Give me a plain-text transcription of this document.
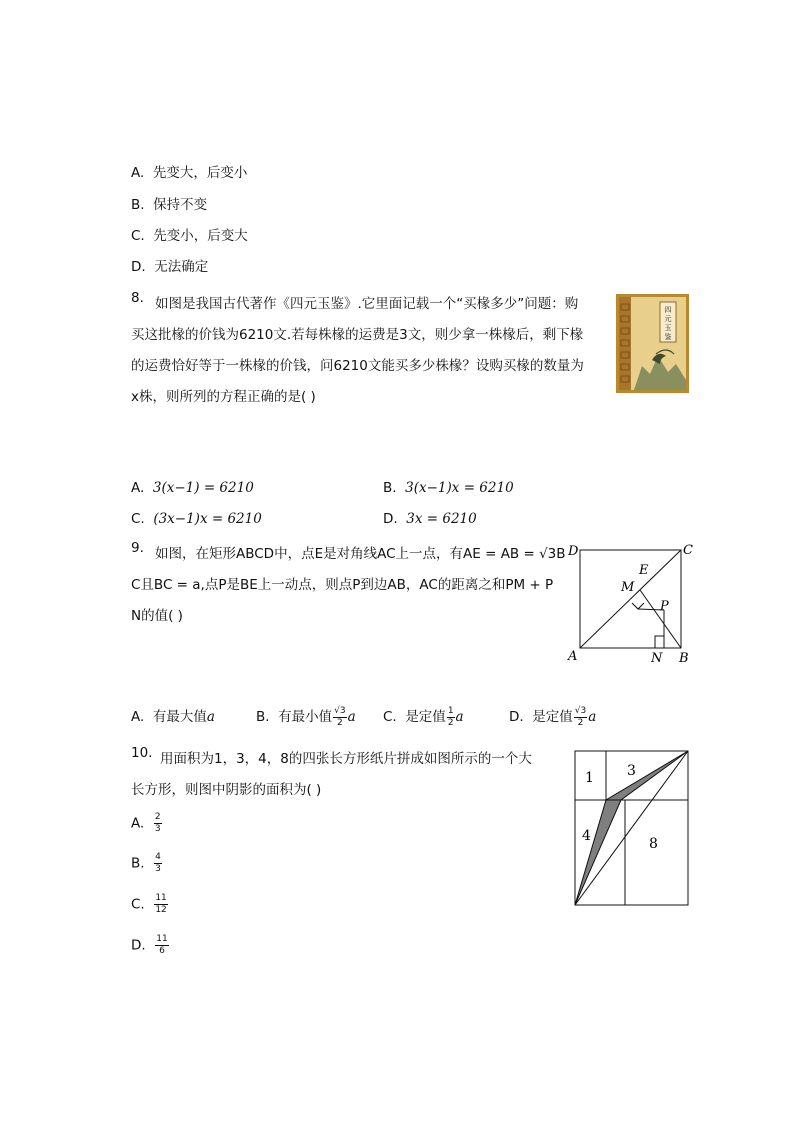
A. 先变大，后变小
B. 保持不变
C. 先变小，后变大
D. 无法确定
8. 如图是我国古代著作《四元玉鉴》.它里面记载一个“买椽多少”问题：购
买这批椽的价钱为6210文.若每株椽的运费是3文，则少拿一株椽后，剩下椽
的运费恰好等于一株椽的价钱，问6210文能买多少株椽？设购买椽的数量为
x株，则所列的方程正确的是( )
四
元
玉
鉴
A. 3(x−1) = 6210	B. 3(x−1)x = 6210
C. (3x−1)x = 6210	D. 3x = 6210
9. 如图，在矩形ABCD中，点E是对角线AC上一点，有AE = AB = √3B
C且BC = a,点P是BE上一动点，则点P到边AB，AC的距离之和PM + P
N的值( )
D	C
A	B
E
M
P
N
A. 有最大值a	B. 有最小值 $\frac{√3}{2}$ a C. 是定值 $\frac{1}{2}$ a	D. 是定值 $\frac{√3}{2}$ a
10. 用面积为1，3，4，8的四张长方形纸片拼成如图所示的一个大
长方形，则图中阴影的面积为( )
1 3
4	8
A. $\frac{2}{3}$
B. $\frac{4}{3}$
C. $\frac{11}{12}$
D. $\frac{11}{6}$
